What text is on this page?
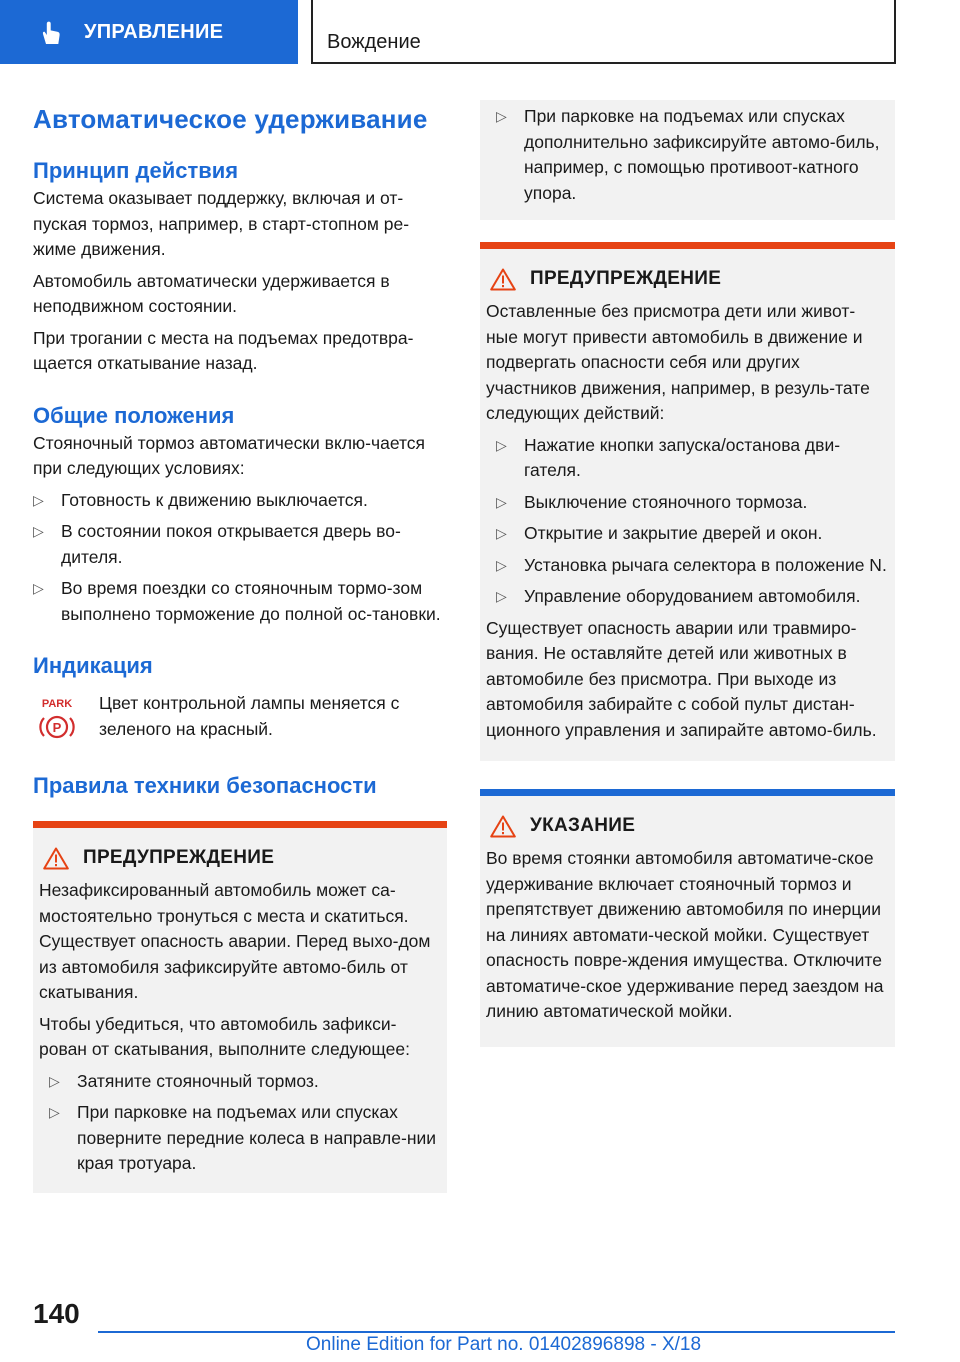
УПРАВЛЕНИЕ	Вождение
Автоматическое удерживание
Принцип действия

Система оказывает поддержку, включая и от-пуская тормоз, например, в старт-стопном ре-жиме движения.

Автомобиль автоматически удерживается в неподвижном состоянии.

При трогании с места на подъемах предотвра-щается откатывание назад.

Общие положения

Стояночный тормоз автоматически вклю-чается при следующих условиях:

▷ Готовность к движению выключается.
▷ В состоянии покоя открывается дверь во-дителя.
▷ Во время поездки со стояночным тормо-зом выполнено торможение до полной ос-тановки.
Индикация
PARK
P

Цвет контрольной лампы меняется с зеленого на красный.

Правила техники безопасности
ПРЕДУПРЕЖДЕНИЕ

Незафиксированный автомобиль может са-мостоятельно тронуться с места и скатиться. Существует опасность аварии. Перед выхо-дом из автомобиля зафиксируйте автомо-биль от скатывания.

Чтобы убедиться, что автомобиль зафикси-рован от скатывания, выполните следующее:

▷ Затяните стояночный тормоз.
▷ При парковке на подъемах или спусках поверните передние колеса в направле-нии края тротуара.
▷ При парковке на подъемах или спусках дополнительно зафиксируйте автомо-биль, например, с помощью противоот-катного упора.
ПРЕДУПРЕЖДЕНИЕ

Оставленные без присмотра дети или живот-ные могут привести автомобиль в движение и подвергать опасности себя или других участников движения, например, в резуль-тате следующих действий:

▷ Нажатие кнопки запуска/останова дви-гателя.
▷ Выключение стояночного тормоза.
▷ Открытие и закрытие дверей и окон.
▷ Установка рычага селектора в положение N.
▷ Управление оборудованием автомобиля.

Существует опасность аварии или травмиро-вания. Не оставляйте детей или животных в автомобиле без присмотра. При выходе из автомобиля забирайте с собой пульт дистан-ционного управления и запирайте автомо-биль.

УКАЗАНИЕ

Во время стоянки автомобиля автоматиче-ское удерживание включает стояночный тормоз и препятствует движению автомобиля по инерции на линиях автомати-ческой мойки. Существует опасность повре-ждения имущества. Отключите автоматиче-ское удерживание перед заездом на линию автоматической мойки.

140
Online Edition for Part no. 01402896898 - X/18
